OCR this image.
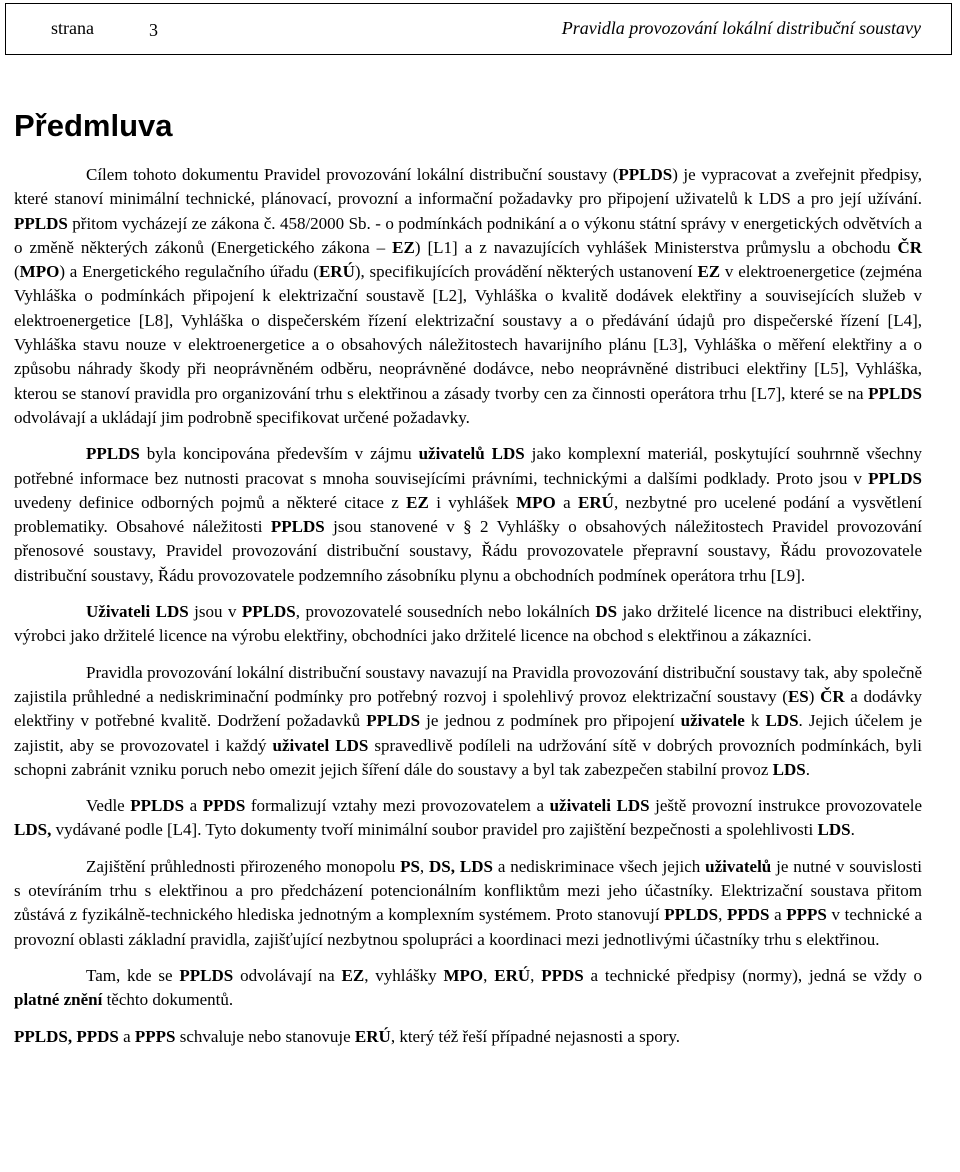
strana	3	Pravidla provozování lokální distribuční soustavy
Předmluva

Cílem tohoto dokumentu Pravidel provozování lokální distribuční soustavy (PPLDS) je vypracovat a zveřejnit předpisy, které stanoví minimální technické, plánovací, provozní a informační požadavky pro připojení uživatelů k LDS a pro její užívání. PPLDS přitom vycházejí ze zákona č. 458/2000 Sb. - o podmínkách podnikání a o výkonu státní správy v energetických odvětvích a o změně některých zákonů (Energetického zákona – EZ) [L1] a z navazujících vyhlášek Ministerstva průmyslu a obchodu ČR (MPO) a Energetického regulačního úřadu (ERÚ), specifikujících provádění některých ustanovení EZ v elektroenergetice (zejména Vyhláška o podmínkách připojení k elektrizační soustavě [L2], Vyhláška o kvalitě dodávek elektřiny a souvisejících služeb v elektroenergetice [L8], Vyhláška o dispečerském řízení elektrizační soustavy a o předávání údajů pro dispečerské řízení [L4], Vyhláška stavu nouze v elektroenergetice a o obsahových náležitostech havarijního plánu [L3], Vyhláška o měření elektřiny a o způsobu náhrady škody při neoprávněném odběru, neoprávněné dodávce, nebo neoprávněné distribuci elektřiny [L5], Vyhláška, kterou se stanoví pravidla pro organizování trhu s elektřinou a zásady tvorby cen za činnosti operátora trhu [L7], které se na PPLDS odvolávají a ukládají jim podrobně specifikovat určené požadavky.

PPLDS byla koncipována především v zájmu uživatelů LDS jako komplexní materiál, poskytující souhrnně všechny potřebné informace bez nutnosti pracovat s mnoha souvisejícími právními, technickými a dalšími podklady. Proto jsou v PPLDS uvedeny definice odborných pojmů a některé citace z EZ i vyhlášek MPO a ERÚ, nezbytné pro ucelené podání a vysvětlení problematiky. Obsahové náležitosti PPLDS jsou stanovené v § 2 Vyhlášky o obsahových náležitostech Pravidel provozování přenosové soustavy, Pravidel provozování distribuční soustavy, Řádu provozovatele přepravní soustavy, Řádu provozovatele distribuční soustavy, Řádu provozovatele podzemního zásobníku plynu a obchodních podmínek operátora trhu [L9].

Uživateli LDS jsou v PPLDS, provozovatelé sousedních nebo lokálních DS jako držitelé licence na distribuci elektřiny, výrobci jako držitelé licence na výrobu elektřiny, obchodníci jako držitelé licence na obchod s elektřinou a zákazníci.

Pravidla provozování lokální distribuční soustavy navazují na Pravidla provozování distribuční soustavy tak, aby společně zajistila průhledné a nediskriminační podmínky pro potřebný rozvoj i spolehlivý provoz elektrizační soustavy (ES) ČR a dodávky elektřiny v potřebné kvalitě. Dodržení požadavků PPLDS je jednou z podmínek pro připojení uživatele k LDS. Jejich účelem je zajistit, aby se provozovatel i každý uživatel LDS spravedlivě podíleli na udržování sítě v dobrých provozních podmínkách, byli schopni zabránit vzniku poruch nebo omezit jejich šíření dále do soustavy a byl tak zabezpečen stabilní provoz LDS.

Vedle PPLDS a PPDS formalizují vztahy mezi provozovatelem a uživateli LDS ještě provozní instrukce provozovatele LDS, vydávané podle [L4]. Tyto dokumenty tvoří minimální soubor pravidel pro zajištění bezpečnosti a spolehlivosti LDS.

Zajištění průhlednosti přirozeného monopolu PS, DS, LDS a nediskriminace všech jejich uživatelů je nutné v souvislosti s otevíráním trhu s elektřinou a pro předcházení potencionálním konfliktům mezi jeho účastníky. Elektrizační soustava přitom zůstává z fyzikálně-technického hlediska jednotným a komplexním systémem. Proto stanovují PPLDS, PPDS a PPPS v technické a provozní oblasti základní pravidla, zajišťující nezbytnou spolupráci a koordinaci mezi jednotlivými účastníky trhu s elektřinou.

Tam, kde se PPLDS odvolávají na EZ, vyhlášky MPO, ERÚ, PPDS a technické předpisy (normy), jedná se vždy o platné znění těchto dokumentů.

PPLDS, PPDS a PPPS schvaluje nebo stanovuje ERÚ, který též řeší případné nejasnosti a spory.
